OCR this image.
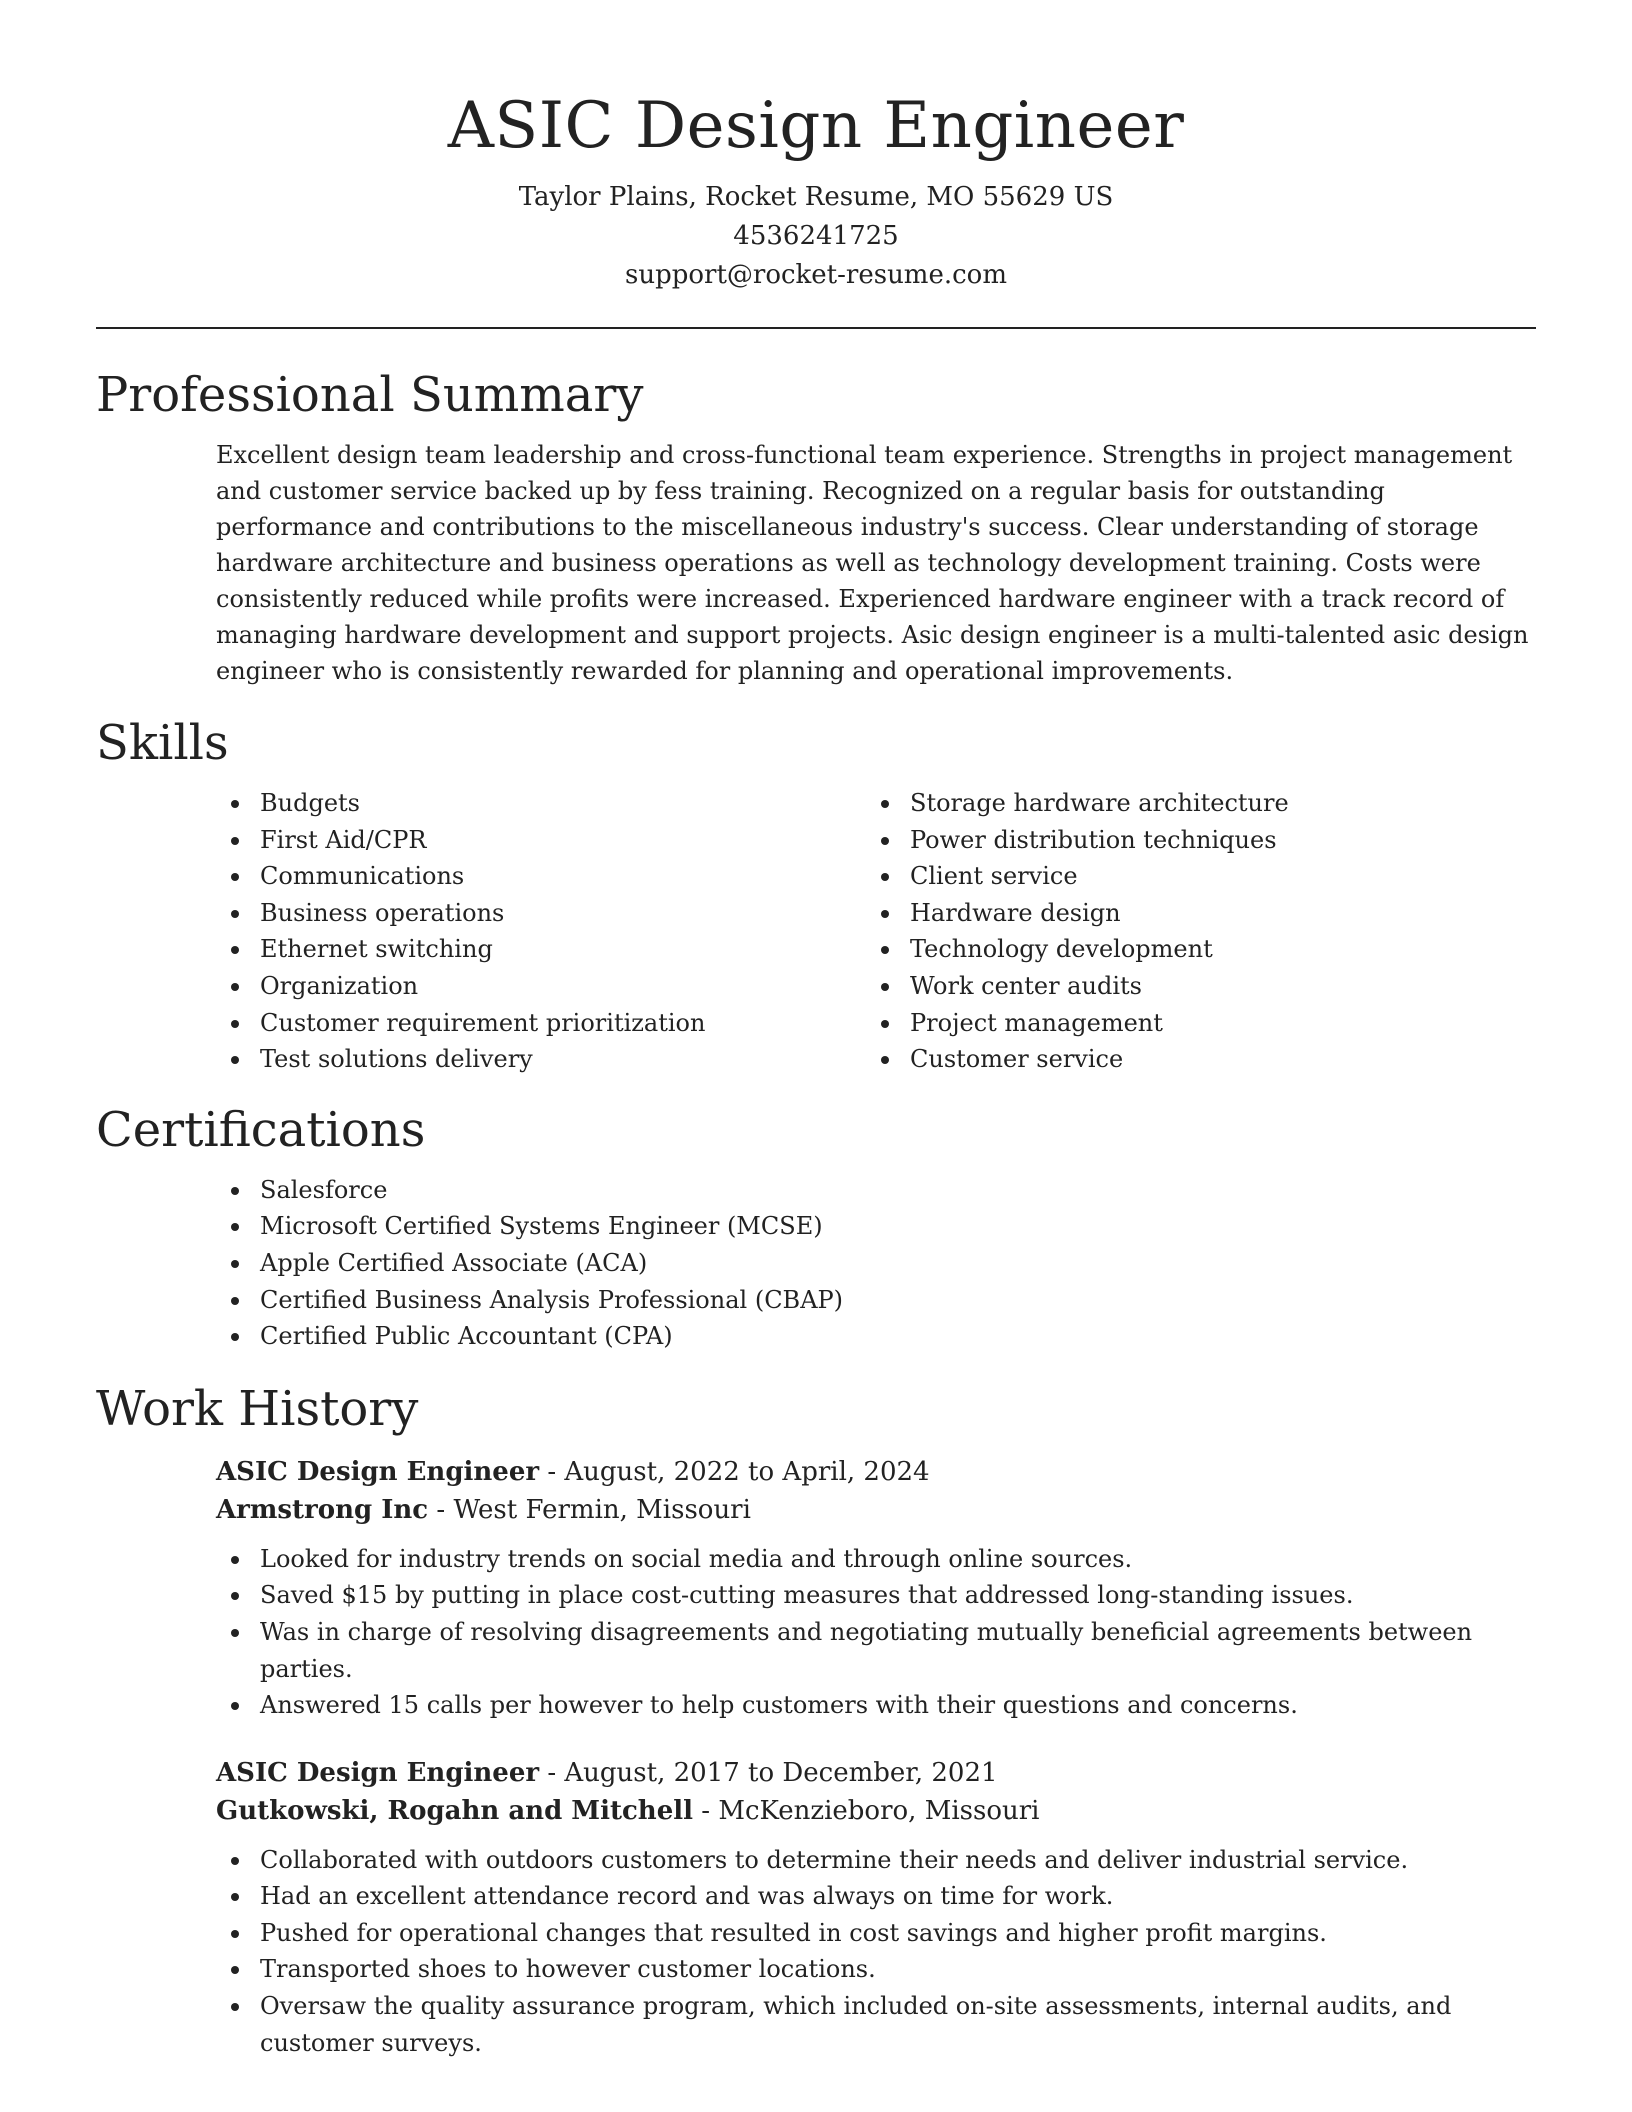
ASIC Design Engineer
Taylor Plains, Rocket Resume, MO 55629 US
4536241725
support@rocket-resume.com
Professional Summary

Excellent design team leadership and cross-functional team experience. Strengths in project management and customer service backed up by fess training. Recognized on a regular basis for outstanding performance and contributions to the miscellaneous industry's success. Clear understanding of storage hardware architecture and business operations as well as technology development training. Costs were consistently reduced while profits were increased. Experienced hardware engineer with a track record of managing hardware development and support projects. Asic design engineer is a multi-talented asic design engineer who is consistently rewarded for planning and operational improvements.

Skills
Budgets
First Aid/CPR
Communications
Business operations
Ethernet switching
Organization
Customer requirement prioritization
Test solutions delivery
Storage hardware architecture
Power distribution techniques
Client service
Hardware design
Technology development
Work center audits
Project management
Customer service
Certifications
Salesforce
Microsoft Certified Systems Engineer (MCSE)
Apple Certified Associate (ACA)
Certified Business Analysis Professional (CBAP)
Certified Public Accountant (CPA)
Work History
ASIC Design Engineer - August, 2022 to April, 2024
Armstrong Inc - West Fermin, Missouri
Looked for industry trends on social media and through online sources.
Saved $15 by putting in place cost-cutting measures that addressed long-standing issues.
Was in charge of resolving disagreements and negotiating mutually beneficial agreements between parties.
Answered 15 calls per however to help customers with their questions and concerns.
ASIC Design Engineer - August, 2017 to December, 2021
Gutkowski, Rogahn and Mitchell - McKenzieboro, Missouri
Collaborated with outdoors customers to determine their needs and deliver industrial service.
Had an excellent attendance record and was always on time for work.
Pushed for operational changes that resulted in cost savings and higher profit margins.
Transported shoes to however customer locations.
Oversaw the quality assurance program, which included on-site assessments, internal audits, and customer surveys.
